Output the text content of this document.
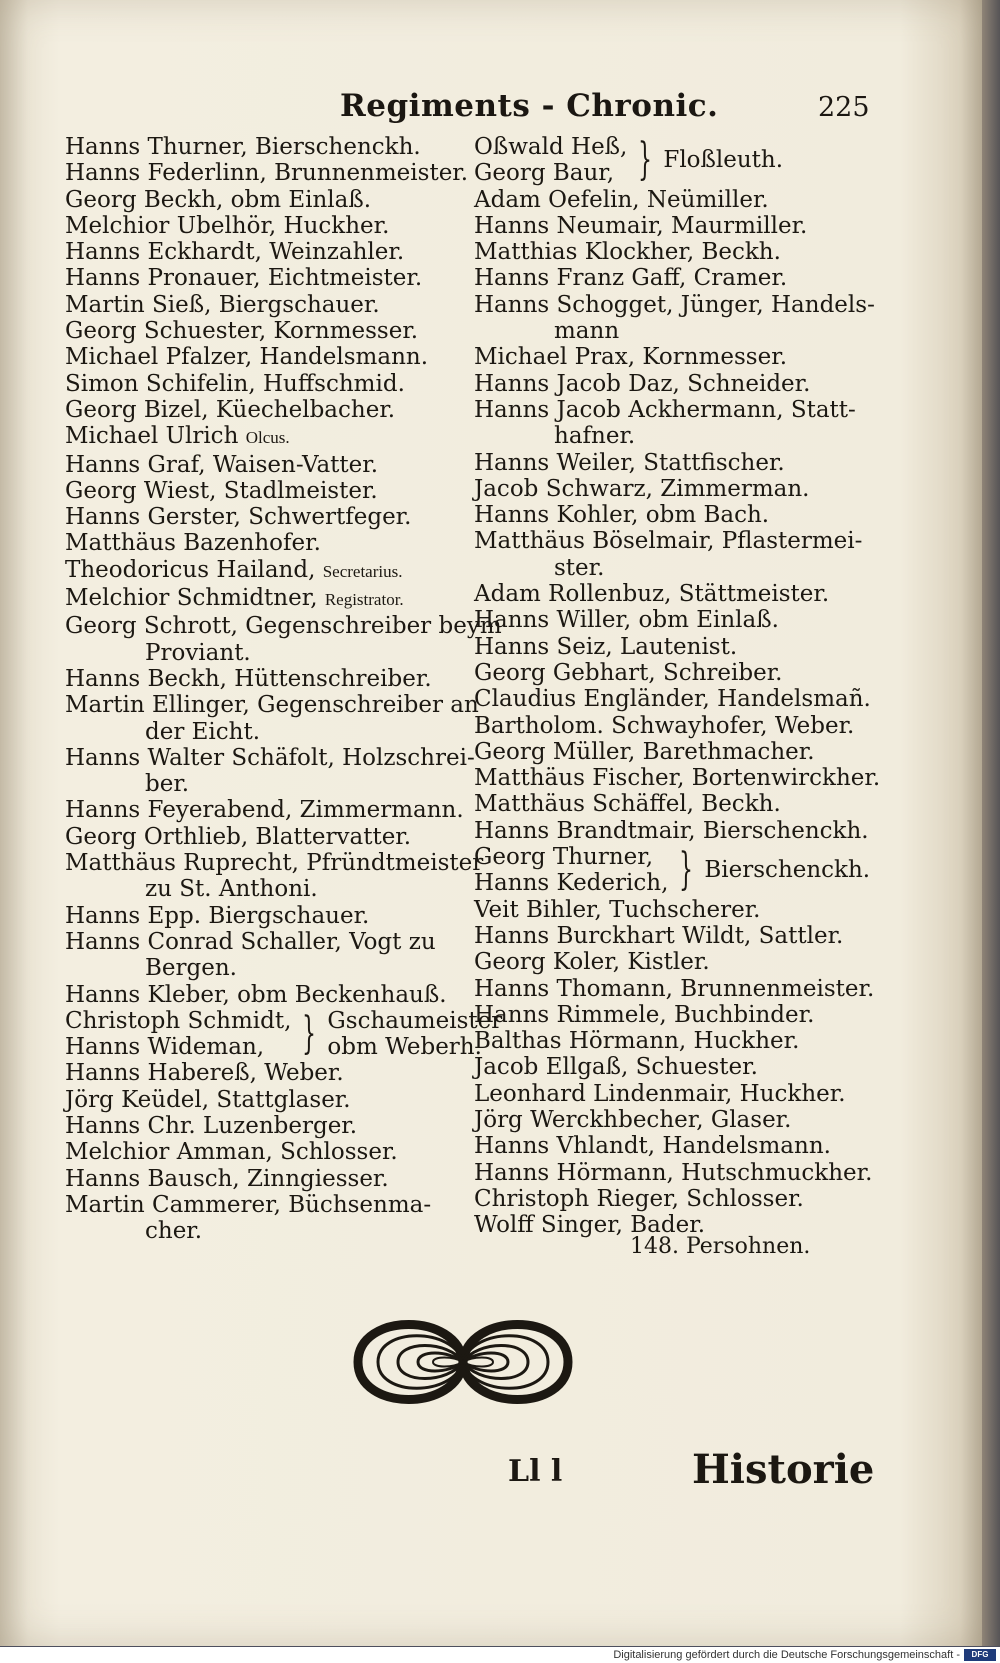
Regiments - Chronic.	225
Hanns Thurner, Bierschenckh.
Hanns Federlinn, Brunnenmeister.
Georg Beckh, obm Einlaß.
Melchior Ubelhör, Huckher.
Hanns Eckhardt, Weinzahler.
Hanns Pronauer, Eichtmeister.
Martin Sieß, Biergschauer.
Georg Schuester, Kornmesser.
Michael Pfalzer, Handelsmann.
Simon Schifelin, Huffschmid.
Georg Bizel, Küechelbacher.
Michael Ulrich Olcus.
Hanns Graf, Waisen-Vatter.
Georg Wiest, Stadlmeister.
Hanns Gerster, Schwertfeger.
Matthäus Bazenhofer.
Theodoricus Hailand, Secretarius.
Melchior Schmidtner, Registrator.
Georg Schrott, Gegenschreiber beym
Proviant.
Hanns Beckh, Hüttenschreiber.
Martin Ellinger, Gegenschreiber an
der Eicht.
Hanns Walter Schäfolt, Holzschrei-
ber.
Hanns Feyerabend, Zimmermann.
Georg Orthlieb, Blattervatter.
Matthäus Ruprecht, Pfründtmeister
zu St. Anthoni.
Hanns Epp. Biergschauer.
Hanns Conrad Schaller, Vogt zu
Bergen.
Hanns Kleber, obm Beckenhauß.
Christoph Schmidt,
Hanns Wideman, } Gschaumeister
obm Weberh.
Hanns Habereß, Weber.
Jörg Keüdel, Stattglaser.
Hanns Chr. Luzenberger.
Melchior Amman, Schlosser.
Hanns Bausch, Zinngiesser.
Martin Cammerer, Büchsenma-
cher.
Oßwald Heß,
Georg Baur, } Floßleuth.
Adam Oefelin, Neümiller.
Hanns Neumair, Maurmiller.
Matthias Klockher, Beckh.
Hanns Franz Gaff, Cramer.
Hanns Schogget, Jünger, Handels-
mann
Michael Prax, Kornmesser.
Hanns Jacob Daz, Schneider.
Hanns Jacob Ackhermann, Statt-
hafner.
Hanns Weiler, Stattfischer.
Jacob Schwarz, Zimmerman.
Hanns Kohler, obm Bach.
Matthäus Böselmair, Pflastermei-
ster.
Adam Rollenbuz, Stättmeister.
Hanns Willer, obm Einlaß.
Hanns Seiz, Lautenist.
Georg Gebhart, Schreiber.
Claudius Engländer, Handelsmañ.
Bartholom. Schwayhofer, Weber.
Georg Müller, Barethmacher.
Matthäus Fischer, Bortenwirckher.
Matthäus Schäffel, Beckh.
Hanns Brandtmair, Bierschenckh.
Georg Thurner,
Hanns Kederich, } Bierschenckh.
Veit Bihler, Tuchscherer.
Hanns Burckhart Wildt, Sattler.
Georg Koler, Kistler.
Hanns Thomann, Brunnenmeister.
Hanns Rimmele, Buchbinder.
Balthas Hörmann, Huckher.
Jacob Ellgaß, Schuester.
Leonhard Lindenmair, Huckher.
Jörg Werckhbecher, Glaser.
Hanns Vhlandt, Handelsmann.
Hanns Hörmann, Hutschmuckher.
Christoph Rieger, Schlosser.
Wolff Singer, Bader.
148. Persohnen.
Ll l	Historie
Digitalisierung gefördert durch die Deutsche Forschungsgemeinschaft -	DFG
